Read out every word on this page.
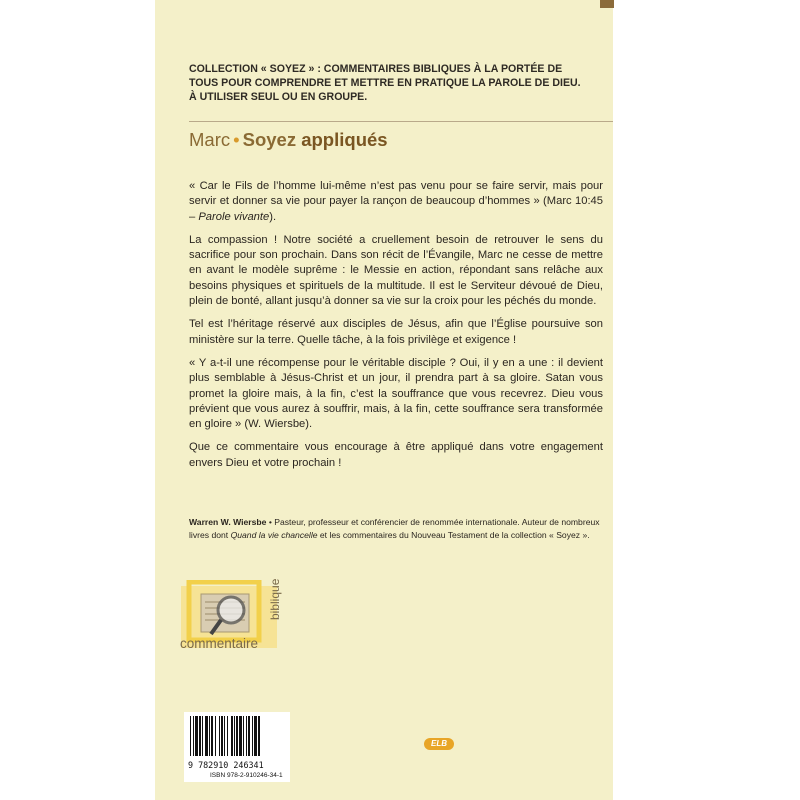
COLLECTION « SOYEZ » : COMMENTAIRES BIBLIQUES À LA PORTÉE DE
TOUS POUR COMPRENDRE ET METTRE EN PRATIQUE LA PAROLE DE DIEU.
À UTILISER SEUL OU EN GROUPE.
Marc • Soyez appliqués

« Car le Fils de l’homme lui-même n’est pas venu pour se faire servir, mais pour servir et donner sa vie pour payer la rançon de beaucoup d’hommes » (Marc 10:45 – Parole vivante).

La compassion ! Notre société a cruellement besoin de retrouver le sens du sacrifice pour son prochain. Dans son récit de l’Évangile, Marc ne cesse de mettre en avant le modèle suprême : le Messie en action, répondant sans relâche aux besoins physiques et spirituels de la multitude. Il est le Serviteur dévoué de Dieu, plein de bonté, allant jusqu’à donner sa vie sur la croix pour les péchés du monde.

Tel est l’héritage réservé aux disciples de Jésus, afin que l’Église poursuive son ministère sur la terre. Quelle tâche, à la fois privilège et exigence !

« Y a-t-il une récompense pour le véritable disciple ? Oui, il y en a une : il devient plus semblable à Jésus-Christ et un jour, il prendra part à sa gloire. Satan vous promet la gloire mais, à la fin, c’est la souffrance que vous recevrez. Dieu vous prévient que vous aurez à souffrir, mais, à la fin, cette souffrance sera transformée en gloire » (W. Wiersbe).

Que ce commentaire vous encourage à être appliqué dans votre engagement envers Dieu et votre prochain !

Warren W. Wiersbe • Pasteur, professeur et conférencier de renommée internationale. Auteur de nombreux livres dont Quand la vie chancelle et les commentaires du Nouveau Testament de la collection « Soyez ».
commentaire
biblique
9 782910 246341
ISBN 978-2-910246-34-1
ELB
